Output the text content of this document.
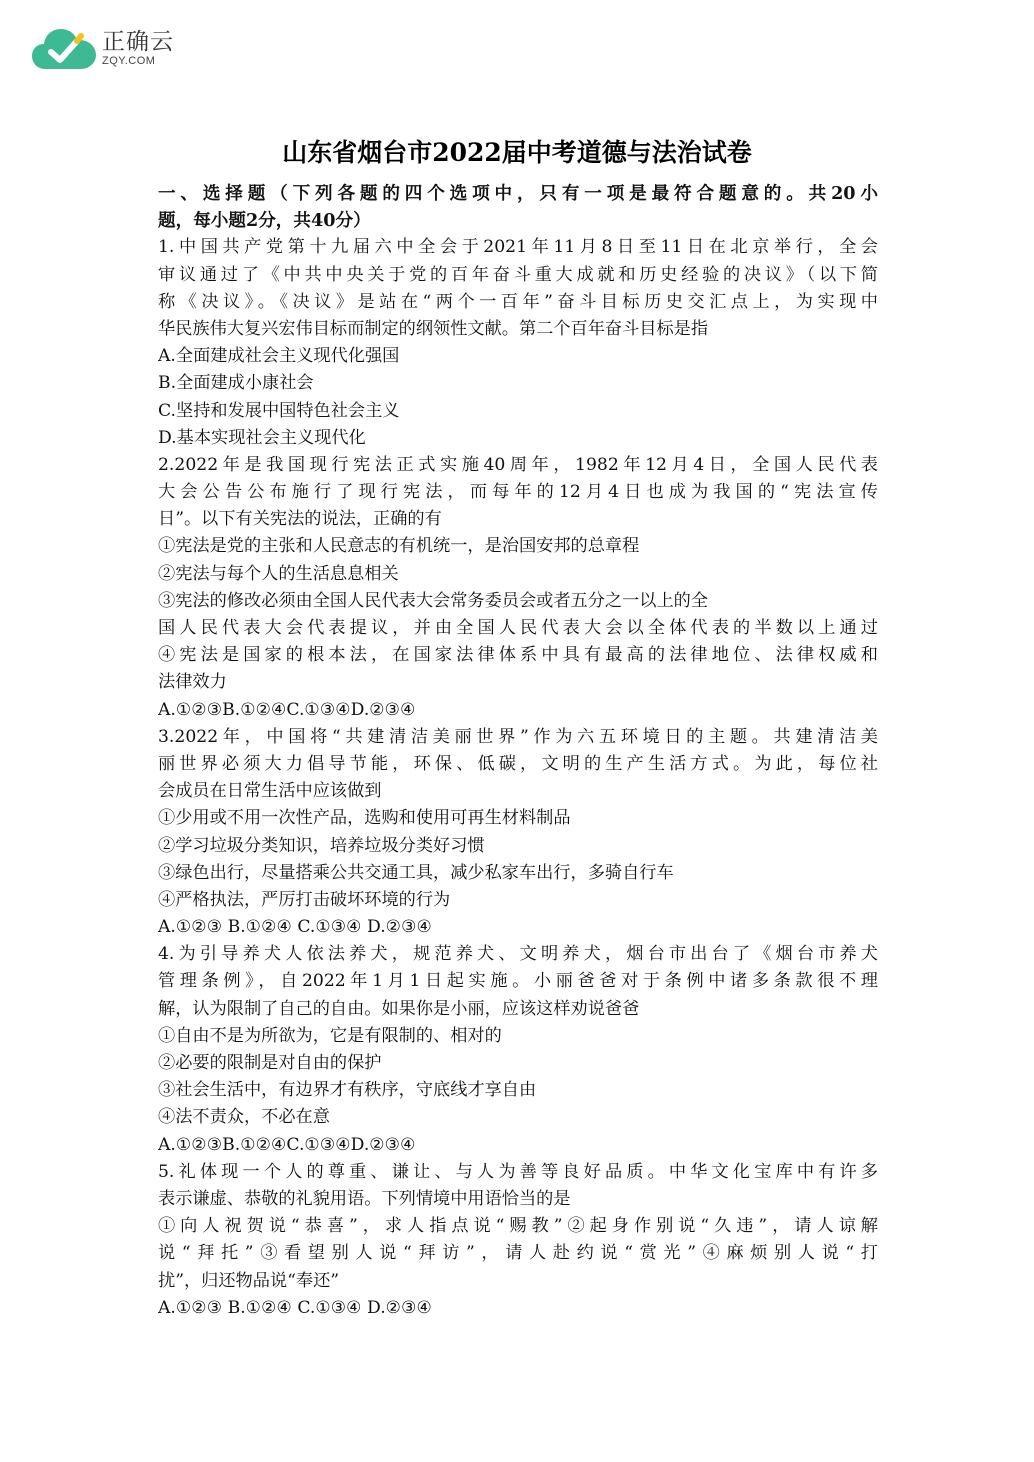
正确云
ZQY.COM
山东省烟台市2022届中考道德与法治试卷
一、选择题（下列各题的四个选项中，只有一项是最符合题意的。共20小
题，每小题2分，共40分）
1.中国共产党第十九届六中全会于2021年11月8日至11日在北京举行，全会
审议通过了《中共中央关于党的百年奋斗重大成就和历史经验的决议》（以下简
称《决议》。《决议》是站在“两个一百年”奋斗目标历史交汇点上，为实现中
华民族伟大复兴宏伟目标而制定的纲领性文献。第二个百年奋斗目标是指
A.全面建成社会主义现代化强国
B.全面建成小康社会
C.坚持和发展中国特色社会主义
D.基本实现社会主义现代化
2.2022年是我国现行宪法正式实施40周年，1982年12月4日，全国人民代表
大会公告公布施行了现行宪法，而每年的12月4日也成为我国的“宪法宣传
日”。以下有关宪法的说法，正确的有
①宪法是党的主张和人民意志的有机统一，是治国安邦的总章程
②宪法与每个人的生活息息相关
③宪法的修改必须由全国人民代表大会常务委员会或者五分之一以上的全
国人民代表大会代表提议，并由全国人民代表大会以全体代表的半数以上通过
④宪法是国家的根本法，在国家法律体系中具有最高的法律地位、法律权威和
法律效力
A.①②③B.①②④C.①③④D.②③④
3.2022年，中国将“共建清洁美丽世界”作为六五环境日的主题。共建清洁美
丽世界必须大力倡导节能，环保、低碳，文明的生产生活方式。为此，每位社
会成员在日常生活中应该做到
①少用或不用一次性产品，选购和使用可再生材料制品
②学习垃圾分类知识，培养垃圾分类好习惯
③绿色出行，尽量搭乘公共交通工具，减少私家车出行，多骑自行车
④严格执法，严厉打击破坏环境的行为
A.①②③ B.①②④ C.①③④ D.②③④
4.为引导养犬人依法养犬，规范养犬、文明养犬，烟台市出台了《烟台市养犬
管理条例》，自2022年1月1日起实施。小丽爸爸对于条例中诸多条款很不理
解，认为限制了自己的自由。如果你是小丽，应该这样劝说爸爸
①自由不是为所欲为，它是有限制的、相对的
②必要的限制是对自由的保护
③社会生活中，有边界才有秩序，守底线才享自由
④法不责众，不必在意
A.①②③B.①②④C.①③④D.②③④
5.礼体现一个人的尊重、谦让、与人为善等良好品质。中华文化宝库中有许多
表示谦虚、恭敬的礼貌用语。下列情境中用语恰当的是
①向人祝贺说“恭喜”，求人指点说“赐教”②起身作别说“久违”，请人谅解
说“拜托”③看望别人说“拜访”，请人赴约说“赏光”④麻烦别人说“打
扰”，归还物品说“奉还”
A.①②③ B.①②④ C.①③④ D.②③④
